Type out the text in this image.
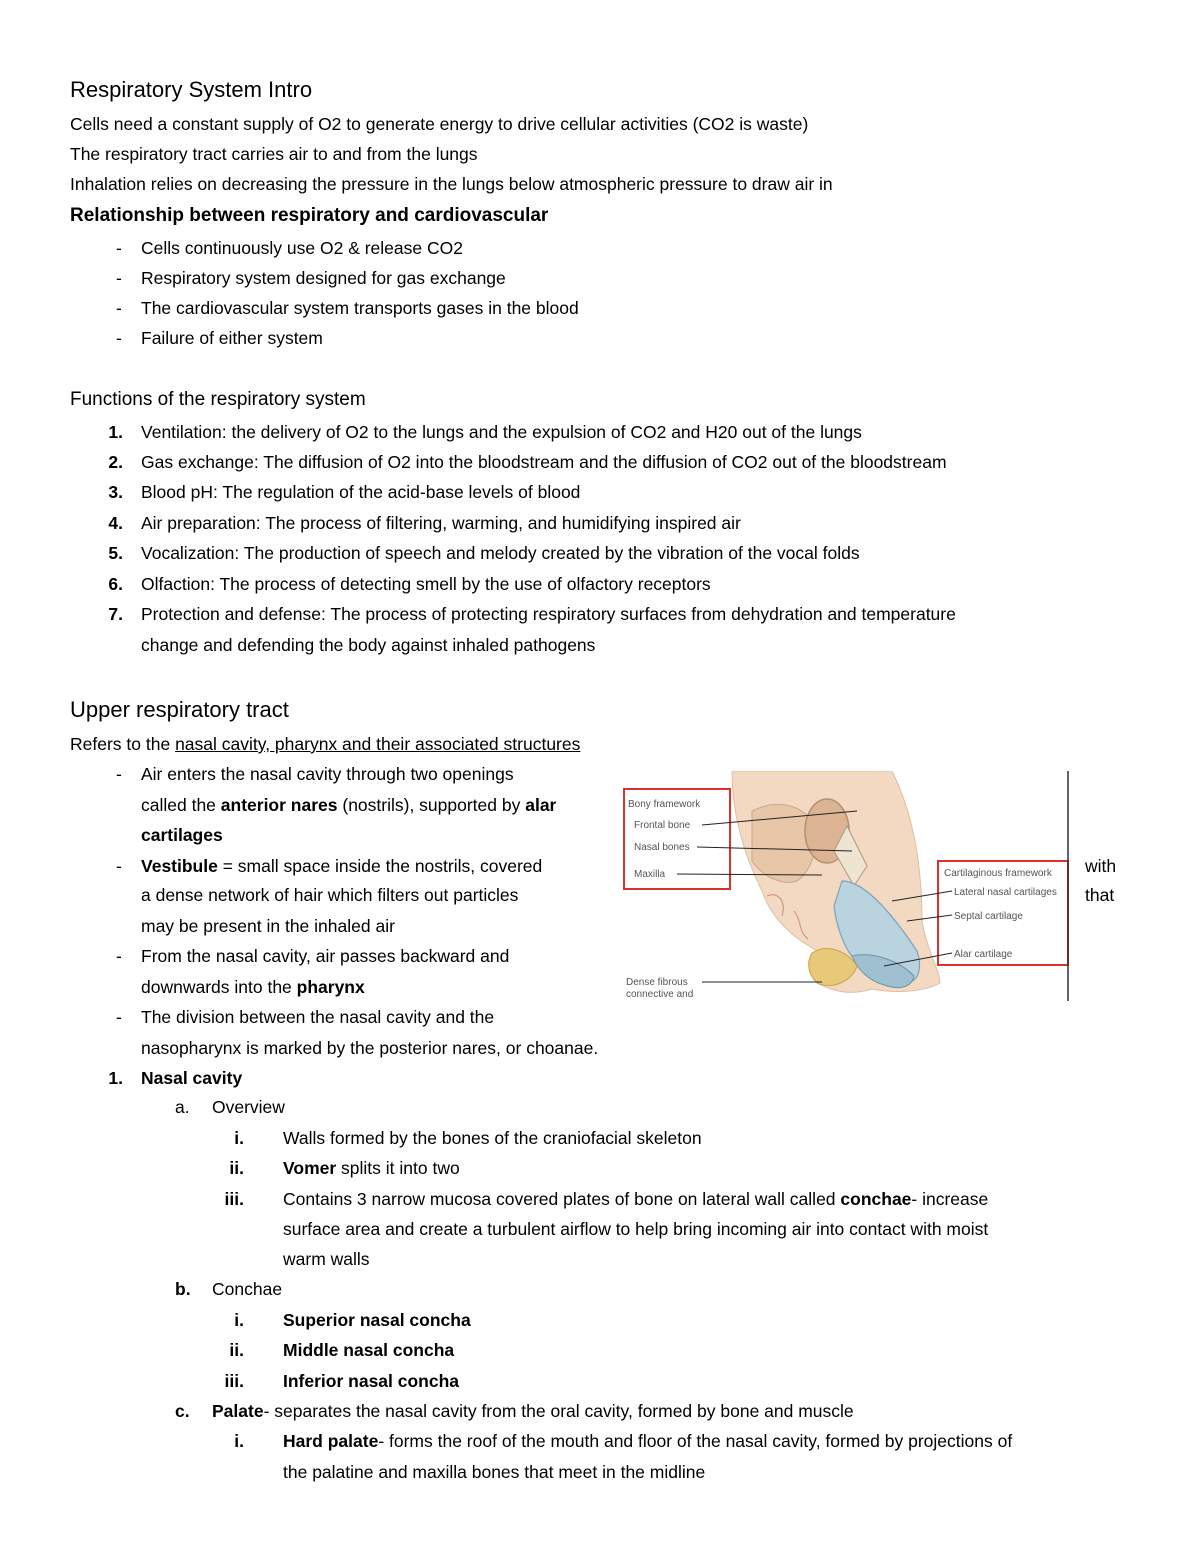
Respiratory System Intro
Cells need a constant supply of O2 to generate energy to drive cellular activities (CO2 is waste)
The respiratory tract carries air to and from the lungs
Inhalation relies on decreasing the pressure in the lungs below atmospheric pressure to draw air in
Relationship between respiratory and cardiovascular
- Cells continuously use O2 & release CO2
- Respiratory system designed for gas exchange
- The cardiovascular system transports gases in the blood
- Failure of either system
Functions of the respiratory system
1. Ventilation: the delivery of O2 to the lungs and the expulsion of CO2 and H20 out of the lungs
2. Gas exchange: The diffusion of O2 into the bloodstream and the diffusion of CO2 out of the bloodstream
3. Blood pH: The regulation of the acid-base levels of blood
4. Air preparation: The process of filtering, warming, and humidifying inspired air
5. Vocalization: The production of speech and melody created by the vibration of the vocal folds
6. Olfaction: The process of detecting smell by the use of olfactory receptors
7. Protection and defense: The process of protecting respiratory surfaces from dehydration and temperature
change and defending the body against inhaled pathogens
Upper respiratory tract
Refers to the nasal cavity, pharynx and their associated structures
- Air enters the nasal cavity through two openings
called the anterior nares (nostrils), supported by alar
cartilages
- Vestibule = small space inside the nostrils, covered	with
a dense network of hair which filters out particles	that
may be present in the inhaled air
- From the nasal cavity, air passes backward and
downwards into the pharynx
- The division between the nasal cavity and the
nasopharynx is marked by the posterior nares, or choanae.
1. Nasal cavity
a. Overview
i. Walls formed by the bones of the craniofacial skeleton
ii. Vomer splits it into two
iii. Contains 3 narrow mucosa covered plates of bone on lateral wall called conchae- increase
surface area and create a turbulent airflow to help bring incoming air into contact with moist
warm walls
b. Conchae
i. Superior nasal concha
ii. Middle nasal concha
iii. Inferior nasal concha
c. Palate- separates the nasal cavity from the oral cavity, formed by bone and muscle
i. Hard palate- forms the roof of the mouth and floor of the nasal cavity, formed by projections of
the palatine and maxilla bones that meet in the midline
Bony framework
Frontal bone
Nasal bones
Maxilla	Cartilaginous framework
Lateral nasal cartilages
Septal cartilage
Alar cartilage
Dense fibrous
connective and
